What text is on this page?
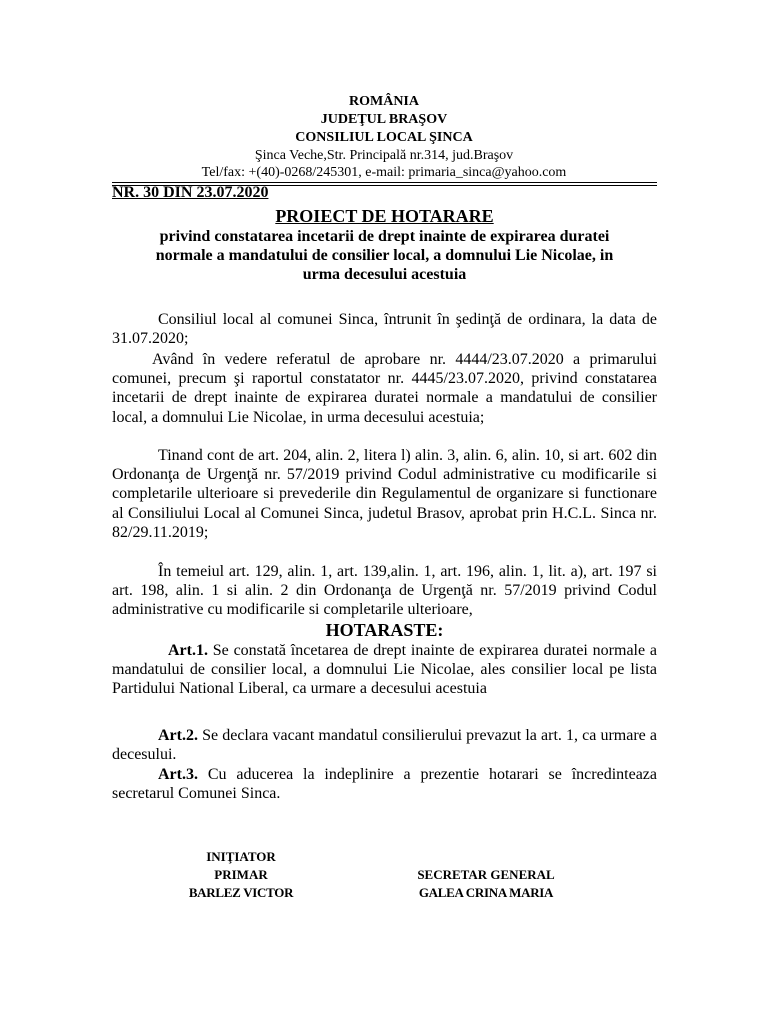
ROMÂNIA
JUDEŢUL BRAŞOV
CONSILIUL LOCAL ŞINCA
Şinca Veche,Str. Principală nr.314, jud.Braşov
Tel/fax: +(40)-0268/245301, e-mail: primaria_sinca@yahoo.com
NR. 30 DIN 23.07.2020
PROIECT DE HOTARARE
privind constatarea incetarii de drept inainte de expirarea duratei
normale a mandatului de consilier local, a domnului Lie Nicolae, in
urma decesului acestuia

Consiliul local al comunei Sinca, întrunit în şedinţă de ordinara, la data de 31.07.2020;

Având în vedere referatul de aprobare nr. 4444/23.07.2020 a primarului comunei, precum şi raportul constatator nr. 4445/23.07.2020, privind constatarea incetarii de drept inainte de expirarea duratei normale a mandatului de consilier local, a domnului Lie Nicolae, in urma decesului acestuia;

Tinand cont de art. 204, alin. 2, litera l) alin. 3, alin. 6, alin. 10, si art. 602 din Ordonanţa de Urgenţă nr. 57/2019 privind Codul administrative cu modificarile si completarile ulterioare si prevederile din Regulamentul de organizare si functionare al Consiliului Local al Comunei Sinca, judetul Brasov, aprobat prin H.C.L. Sinca nr. 82/29.11.2019;

În temeiul art. 129, alin. 1, art. 139,alin. 1, art. 196, alin. 1, lit. a), art. 197 si art. 198, alin. 1 si alin. 2 din Ordonanţa de Urgenţă nr. 57/2019 privind Codul administrative cu modificarile si completarile ulterioare,

HOTARASTE:

Art.1. Se constată încetarea de drept inainte de expirarea duratei normale a mandatului de consilier local, a domnului Lie Nicolae, ales consilier local pe lista Partidului National Liberal, ca urmare a decesului acestuia

Art.2. Se declara vacant mandatul consilierului prevazut la art. 1, ca urmare a decesului.

Art.3. Cu aducerea la indeplinire a prezentie hotarari se încredinteaza secretarul Comunei Sinca.

INIŢIATOR
PRIMAR
BARLEZ VICTOR
SECRETAR GENERAL
GALEA CRINA MARIA
